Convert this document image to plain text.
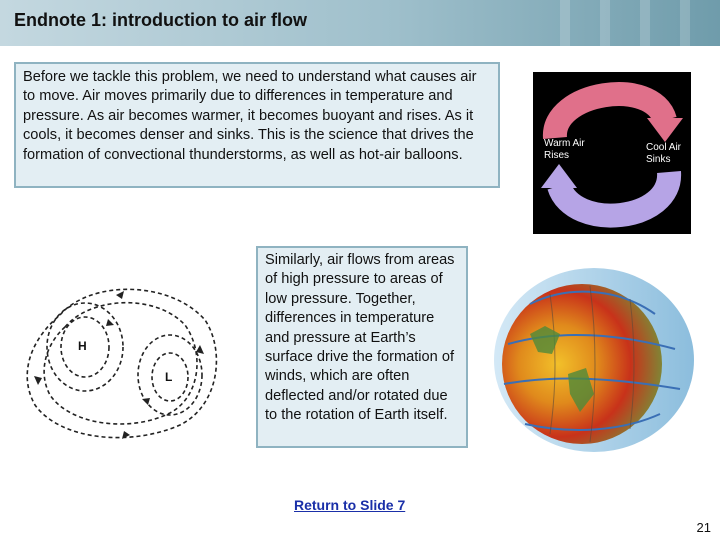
Endnote 1: introduction to air flow
Before we tackle this problem, we need to understand what causes air to move. Air moves primarily due to differences in temperature and pressure. As air becomes warmer, it becomes buoyant and rises. As it cools, it becomes denser and sinks. This is the science that drives the formation of convectional thunderstorms, as well as hot-air balloons.
Warm Air
Rises
Cool Air
Sinks
H
L
Similarly, air flows from areas of high pressure to areas of low pressure. Together, differences in temperature and pressure at Earth’s surface drive the formation of winds, which are often deflected and/or rotated due to the rotation of Earth itself.
Return to Slide 7
21
